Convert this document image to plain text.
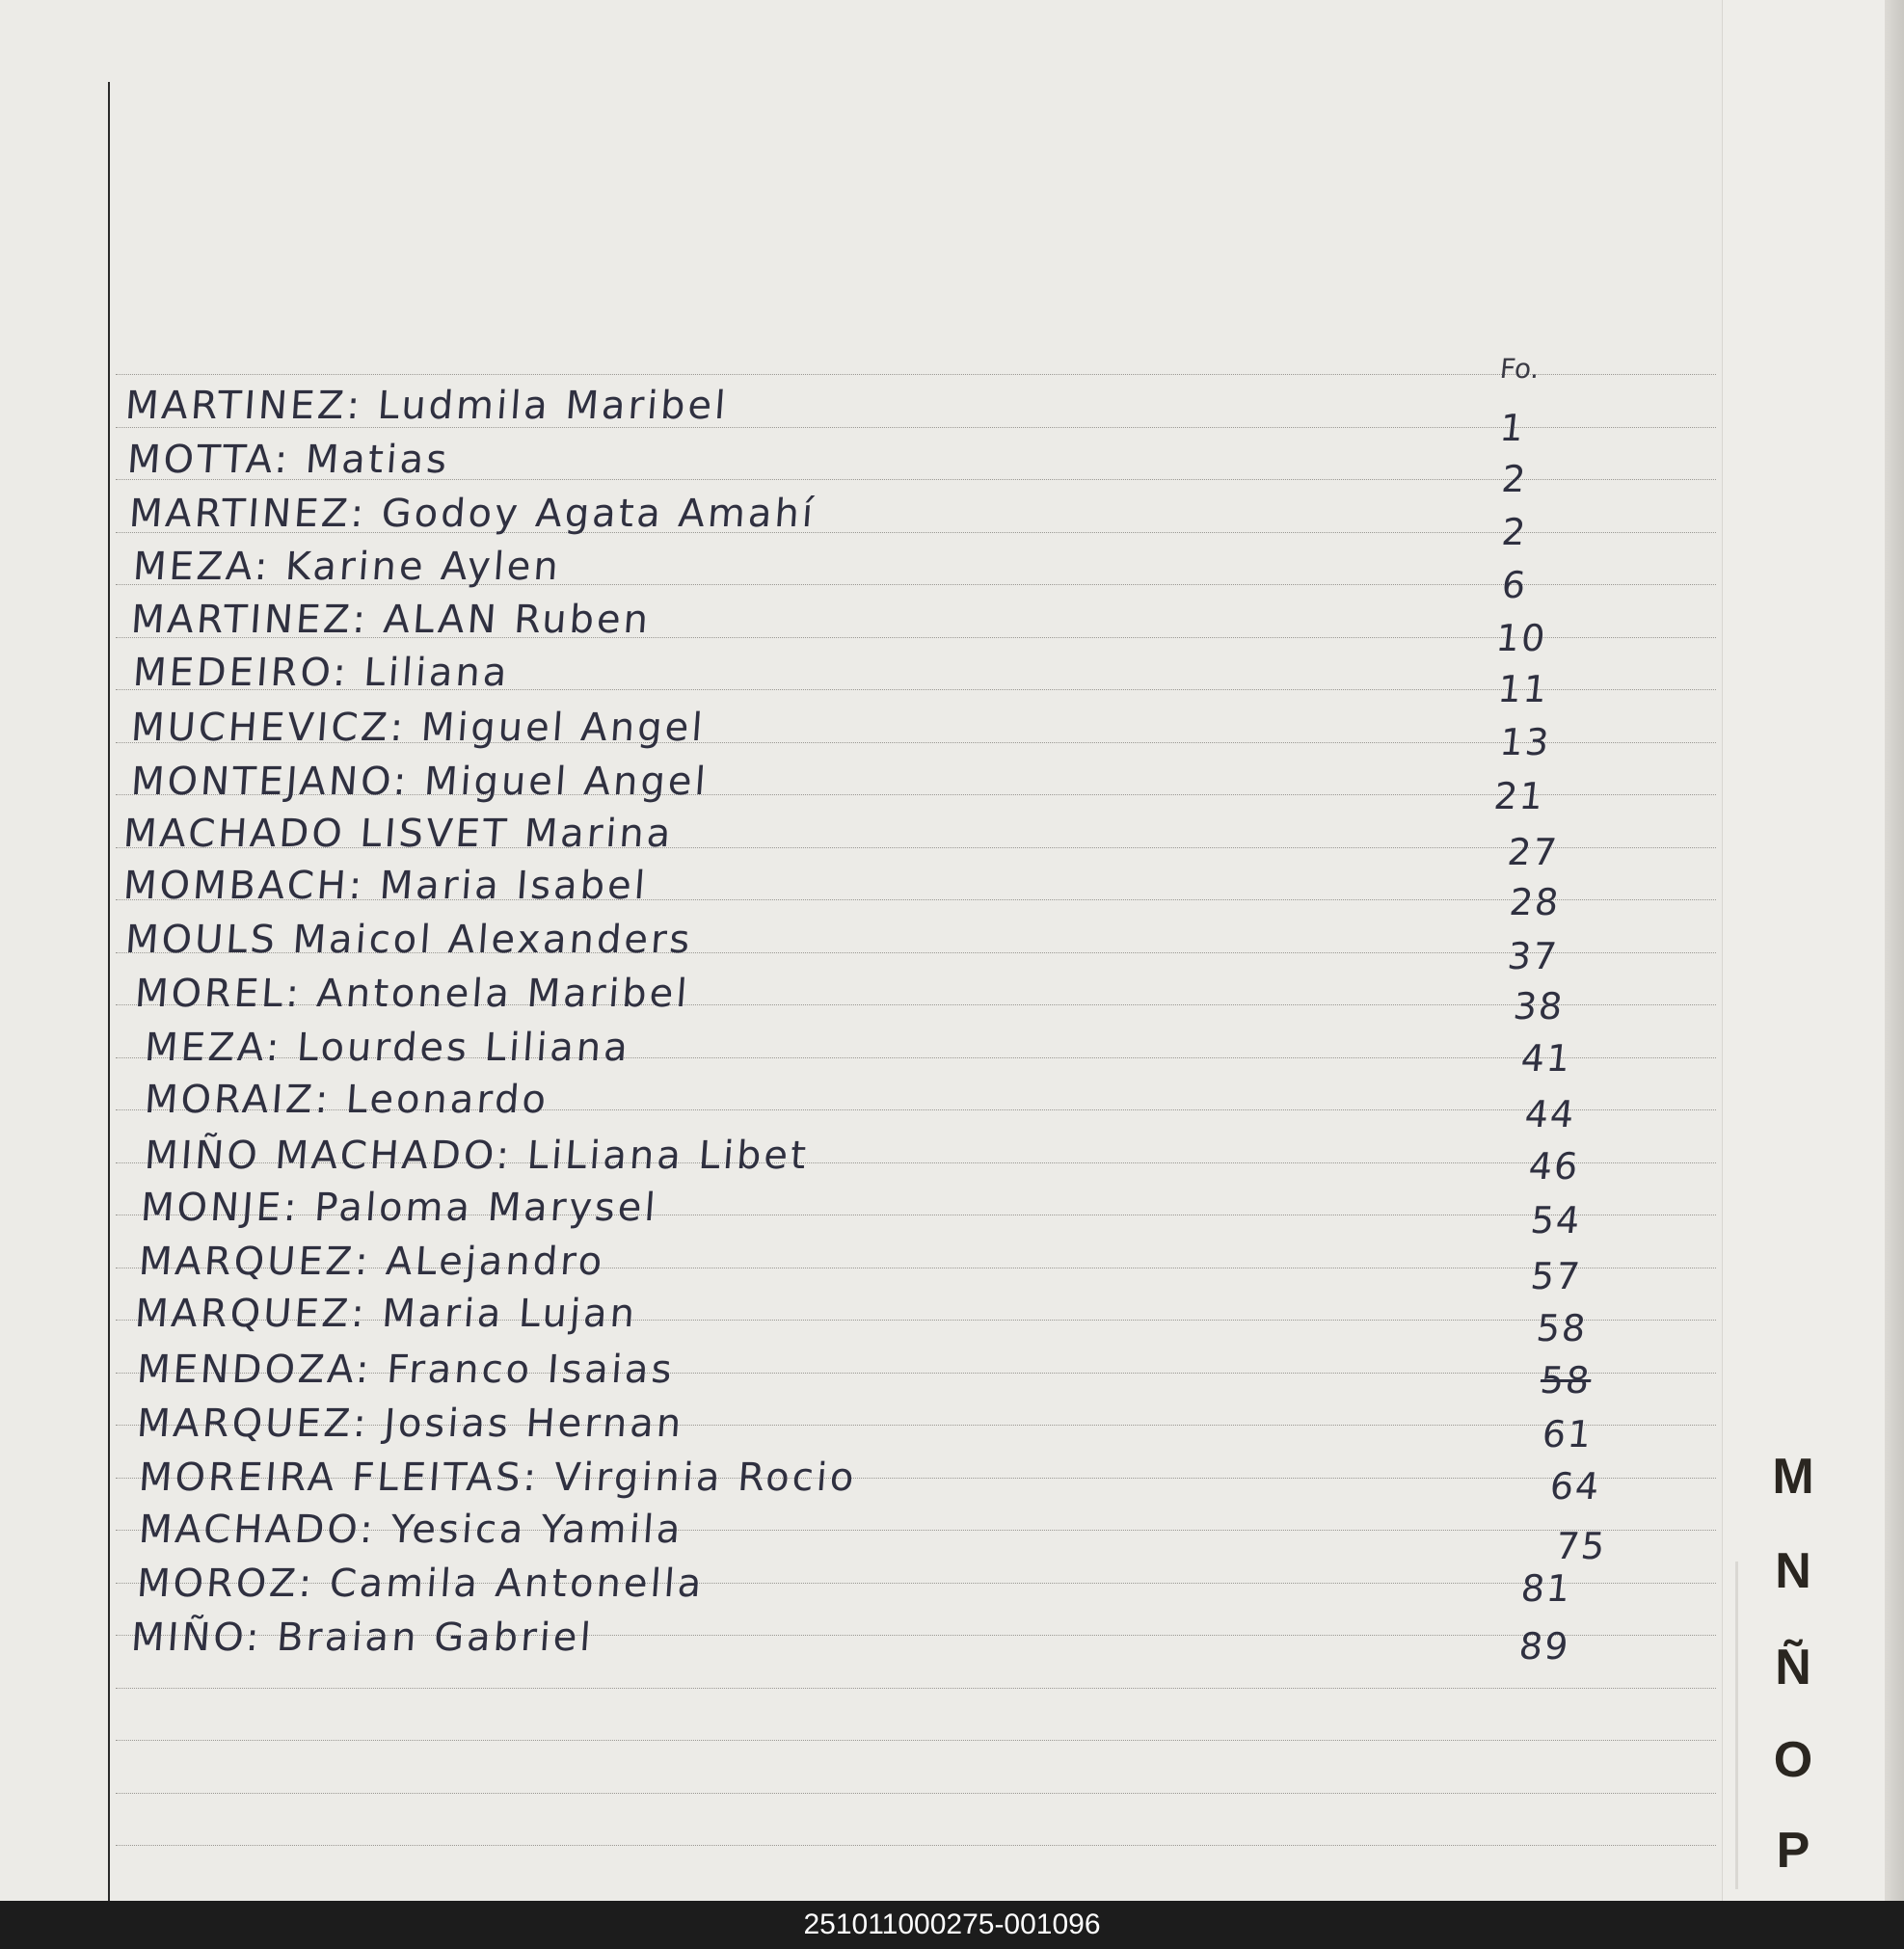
Fo.
MARTINEZ: Ludmila Maribel	1
MOTTA: Matias	2
MARTINEZ: Godoy Agata Amahí	2
MEZA: Karine Aylen	6
MARTINEZ: ALAN Ruben	10
MEDEIRO: Liliana	11
MUCHEVICZ: Miguel Angel	13
MONTEJANO: Miguel Angel	21
MACHADO LISVET Marina	27
MOMBACH: Maria Isabel	28
MOULS Maicol Alexanders	37
MOREL: Antonela Maribel	38
MEZA: Lourdes Liliana	41
MORAIZ: Leonardo	44
MIÑO MACHADO: LiLiana Libet	46
MONJE: Paloma Marysel	54
MARQUEZ: ALejandro	57
MARQUEZ: Maria Lujan	58
MENDOZA: Franco Isaias	58
MARQUEZ: Josias Hernan	61
MOREIRA FLEITAS: Virginia Rocio	64
MACHADO: Yesica Yamila	75
MOROZ: Camila Antonella	81
MIÑO: Braian Gabriel	89
M
N
Ñ
O
P
251011000275-001096
